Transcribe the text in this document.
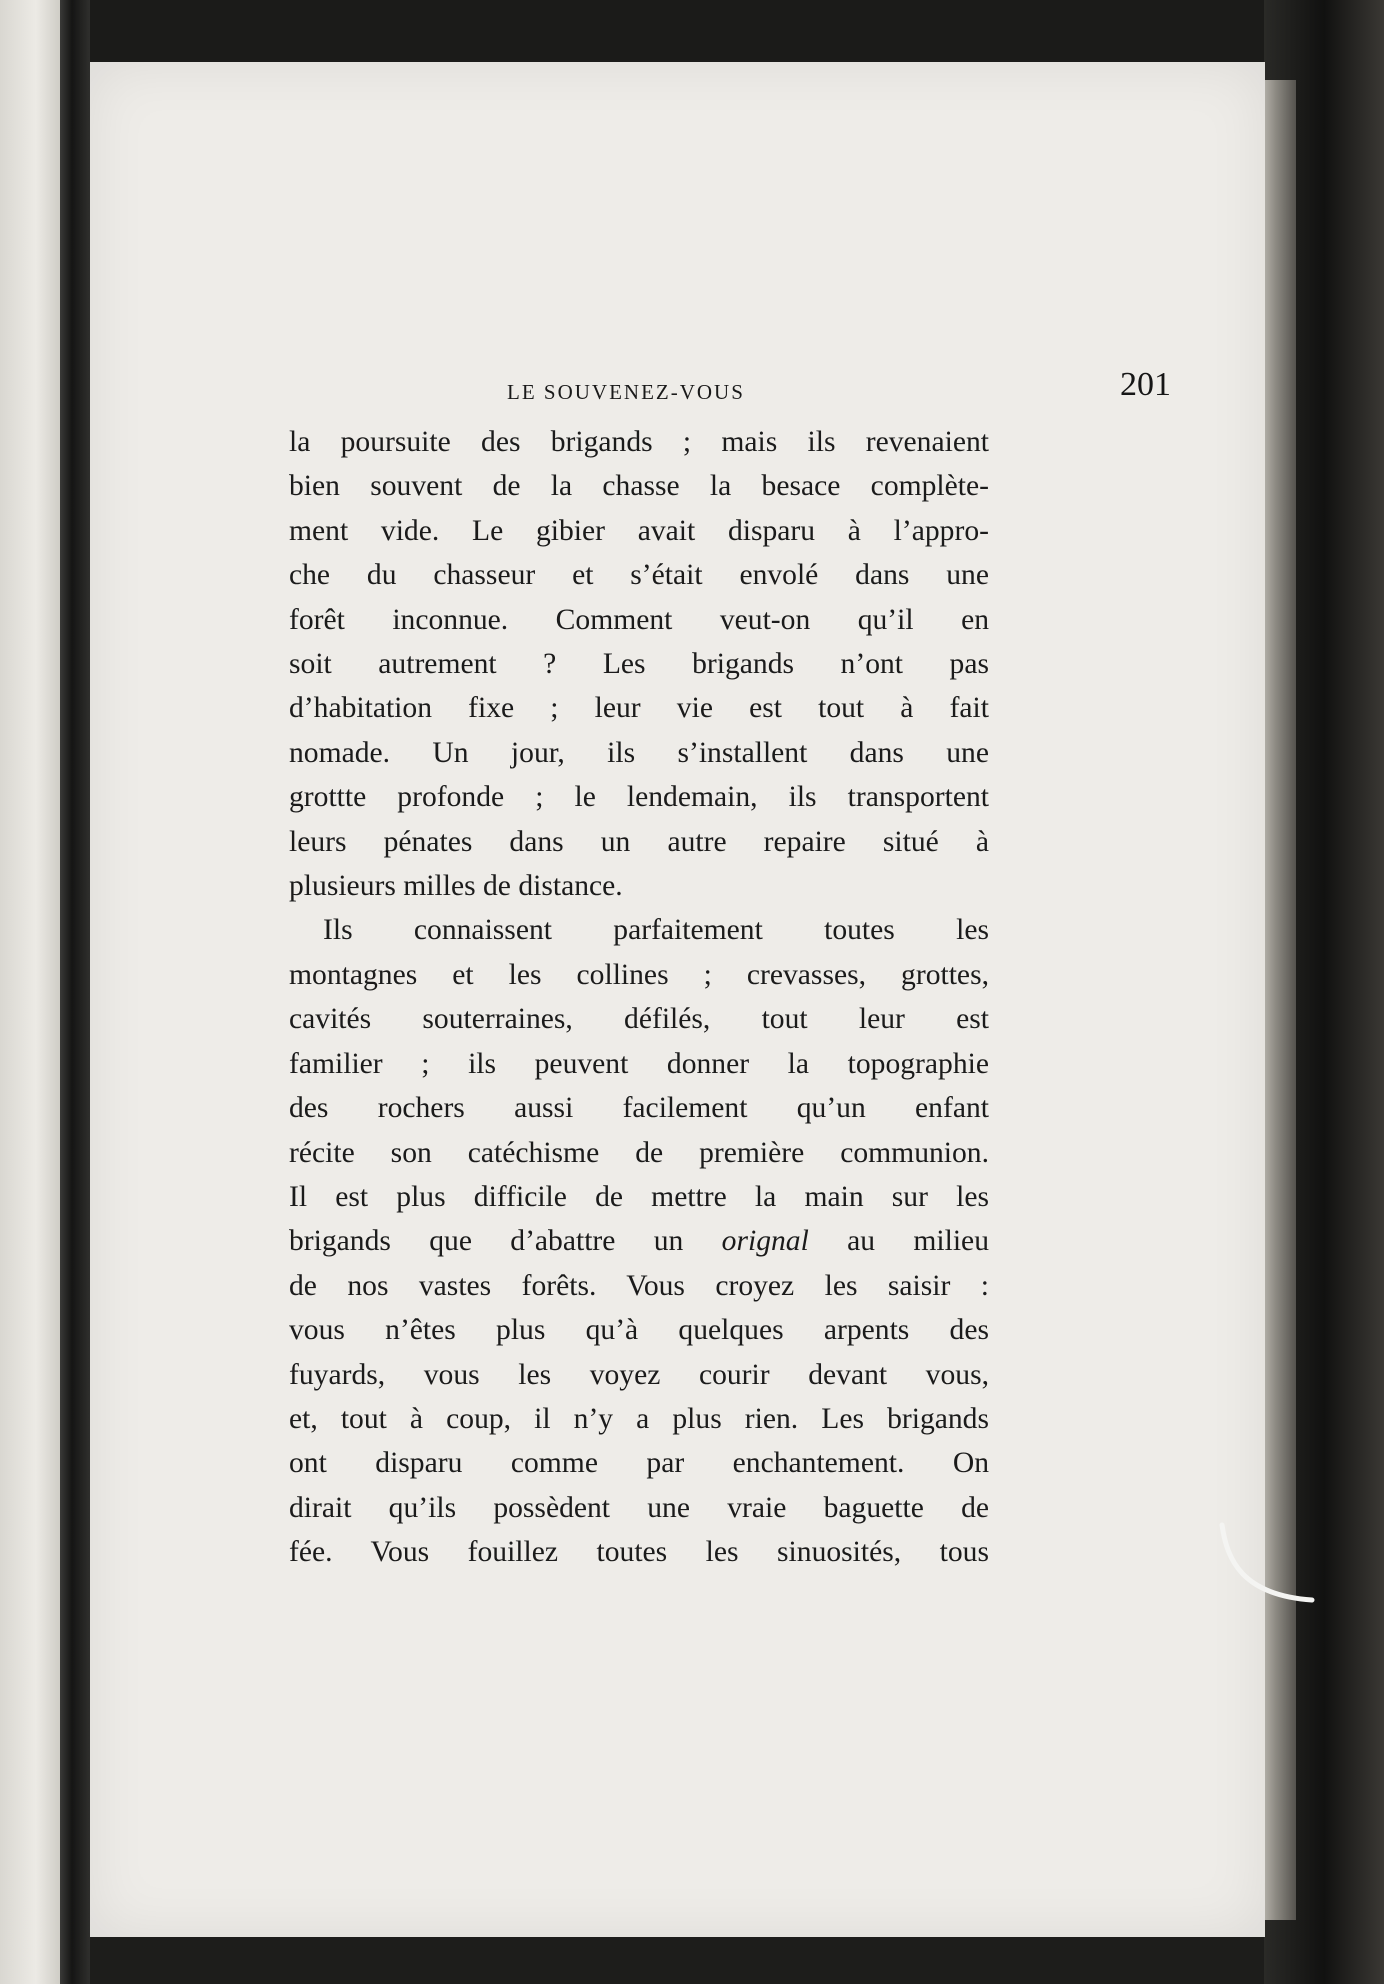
LE SOUVENEZ-VOUS	201
la poursuite des brigands ; mais ils revenaient
bien souvent de la chasse la besace complète-
ment vide. Le gibier avait disparu à l’appro-
che du chasseur et s’était envolé dans une
forêt inconnue. Comment veut-on qu’il en
soit autrement ? Les brigands n’ont pas
d’habitation fixe ; leur vie est tout à fait
nomade. Un jour, ils s’installent dans une
grottte profonde ; le lendemain, ils transportent
leurs pénates dans un autre repaire situé à
plusieurs milles de distance.
Ils connaissent parfaitement toutes les
montagnes et les collines ; crevasses, grottes,
cavités souterraines, défilés, tout leur est
familier ; ils peuvent donner la topographie
des rochers aussi facilement qu’un enfant
récite son catéchisme de première communion.
Il est plus difficile de mettre la main sur les
brigands que d’abattre un orignal au milieu
de nos vastes forêts. Vous croyez les saisir :
vous n’êtes plus qu’à quelques arpents des
fuyards, vous les voyez courir devant vous,
et, tout à coup, il n’y a plus rien. Les brigands
ont disparu comme par enchantement. On
dirait qu’ils possèdent une vraie baguette de
fée. Vous fouillez toutes les sinuosités, tous
